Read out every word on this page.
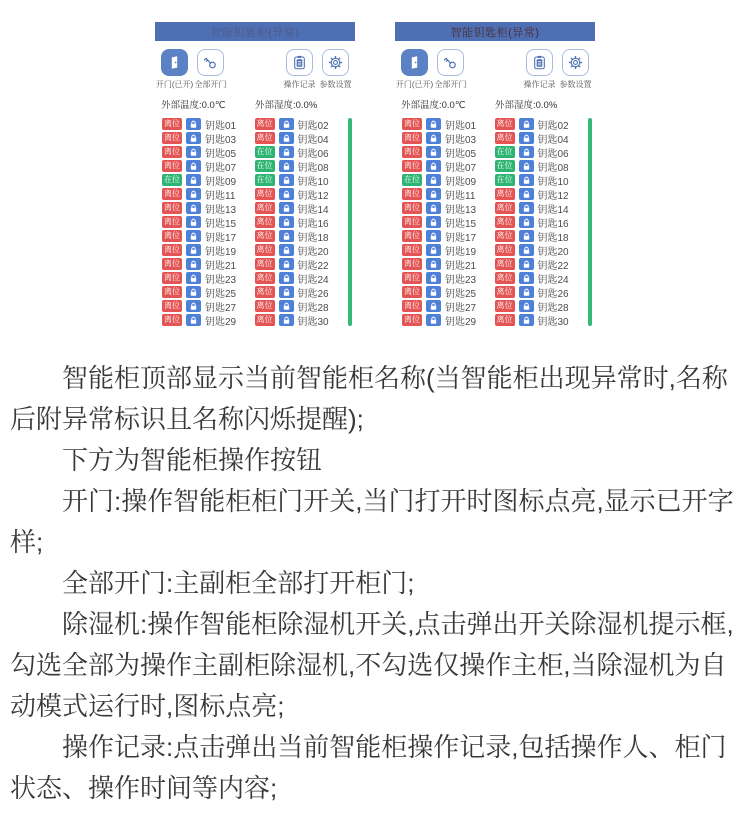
智能钥匙柜(异常)
开门(已开) 全部开门	操作记录 参数设置
外部温度:0.0℃	外部湿度:0.0%
离位	钥匙01	离位	钥匙02
离位	钥匙03	离位	钥匙04
离位	钥匙05	在位	钥匙06
离位	钥匙07	在位	钥匙08
在位	钥匙09	在位	钥匙10
离位	钥匙11	离位	钥匙12
离位	钥匙13	离位	钥匙14
离位	钥匙15	离位	钥匙16
离位	钥匙17	离位	钥匙18
离位	钥匙19	离位	钥匙20
离位	钥匙21	离位	钥匙22
离位	钥匙23	离位	钥匙24
离位	钥匙25	离位	钥匙26
离位	钥匙27	离位	钥匙28
离位	钥匙29	离位	钥匙30
智能钥匙柜(异常)
开门(已开) 全部开门	操作记录 参数设置
外部温度:0.0℃	外部湿度:0.0%
离位	钥匙01	离位	钥匙02
离位	钥匙03	离位	钥匙04
离位	钥匙05	在位	钥匙06
离位	钥匙07	在位	钥匙08
在位	钥匙09	在位	钥匙10
离位	钥匙11	离位	钥匙12
离位	钥匙13	离位	钥匙14
离位	钥匙15	离位	钥匙16
离位	钥匙17	离位	钥匙18
离位	钥匙19	离位	钥匙20
离位	钥匙21	离位	钥匙22
离位	钥匙23	离位	钥匙24
离位	钥匙25	离位	钥匙26
离位	钥匙27	离位	钥匙28
离位	钥匙29	离位	钥匙30

智能柜顶部显示当前智能柜名称(当智能柜出现异常时,名称后附异常标识且名称闪烁提醒);

下方为智能柜操作按钮

开门:操作智能柜柜门开关,当门打开时图标点亮,显示已开字样;

全部开门:主副柜全部打开柜门;

除湿机:操作智能柜除湿机开关,点击弹出开关除湿机提示框,勾选全部为操作主副柜除湿机,不勾选仅操作主柜,当除湿机为自动模式运行时,图标点亮;

操作记录:点击弹出当前智能柜操作记录,包括操作人、柜门状态、操作时间等内容;
